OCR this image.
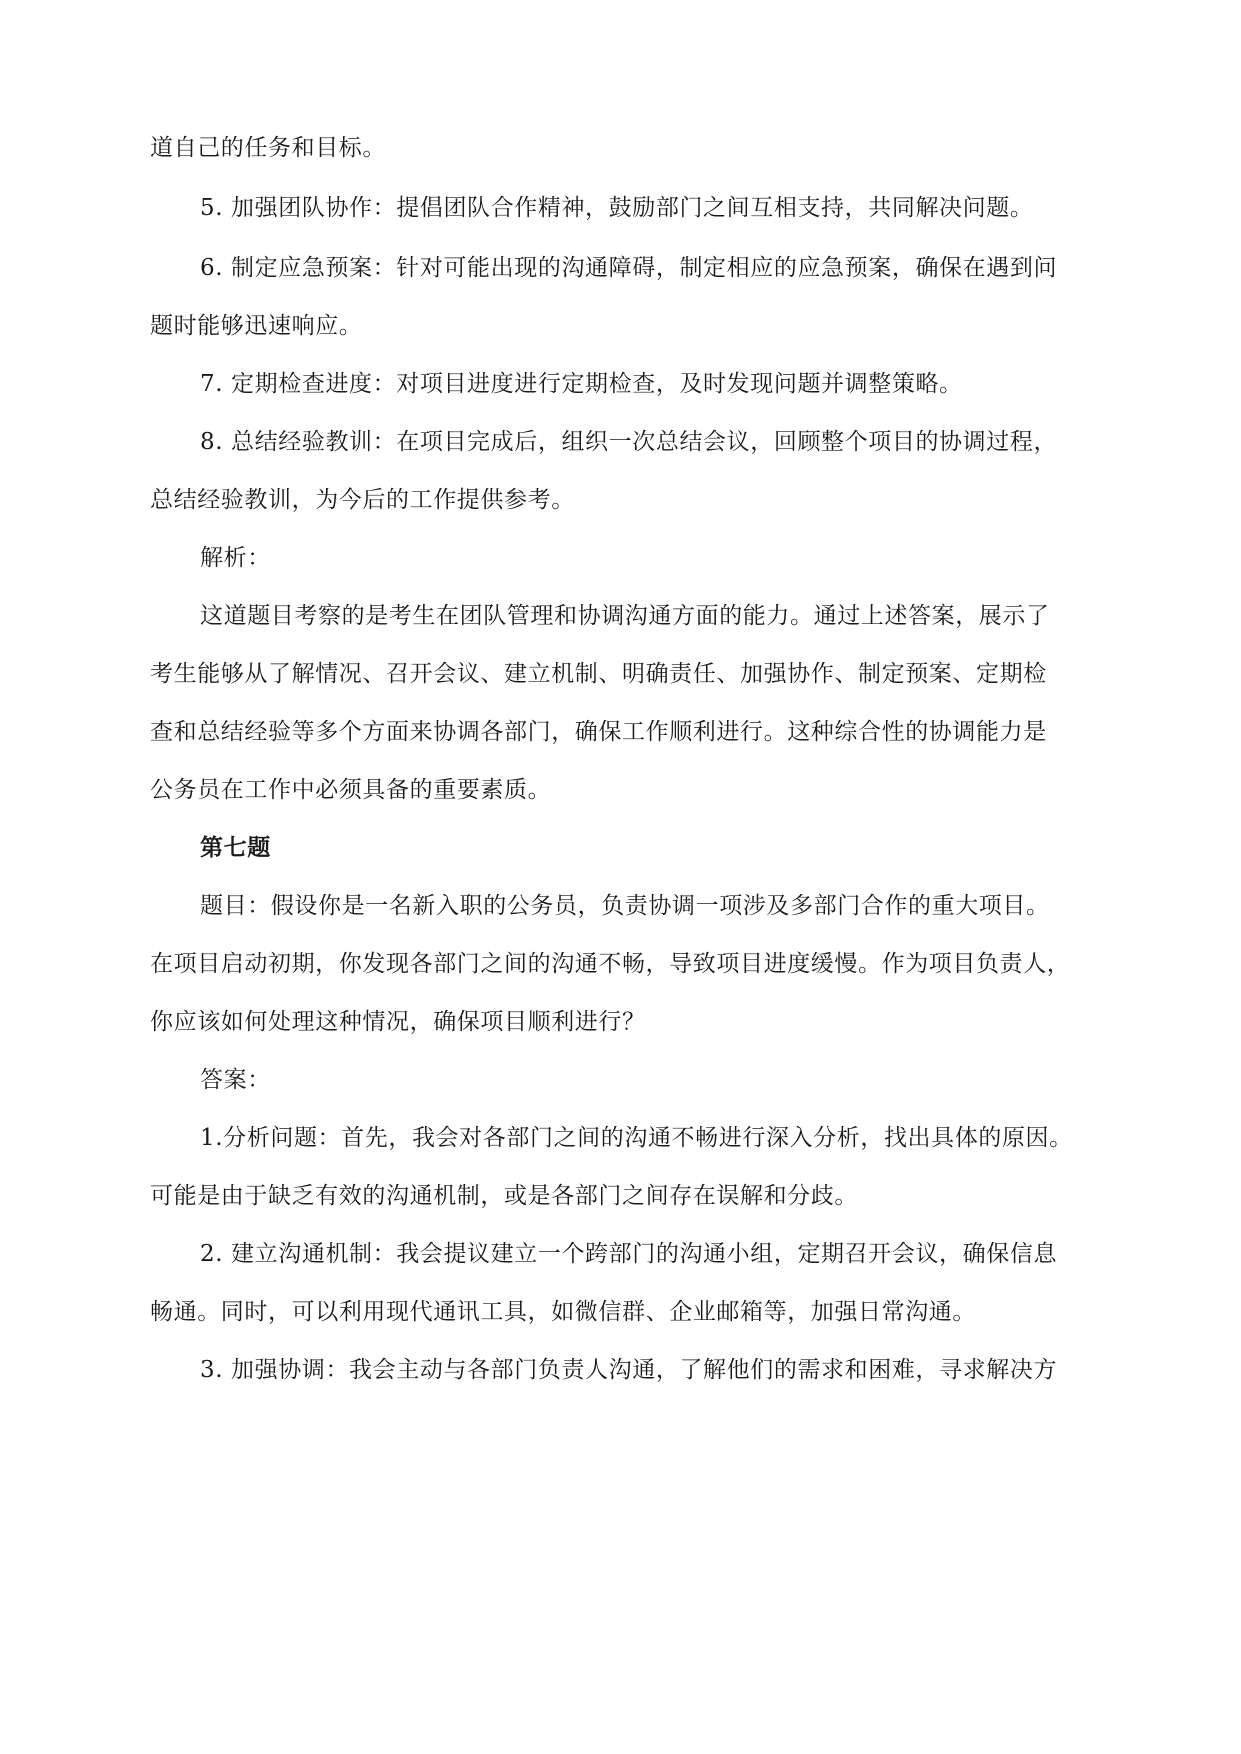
道自己的任务和目标。
5. 加强团队协作：提倡团队合作精神，鼓励部门之间互相支持，共同解决问题。
6. 制定应急预案：针对可能出现的沟通障碍，制定相应的应急预案，确保在遇到问
题时能够迅速响应。
7. 定期检查进度：对项目进度进行定期检查，及时发现问题并调整策略。
8. 总结经验教训：在项目完成后，组织一次总结会议，回顾整个项目的协调过程，
总结经验教训，为今后的工作提供参考。
解析：
这道题目考察的是考生在团队管理和协调沟通方面的能力。通过上述答案，展示了
考生能够从了解情况、召开会议、建立机制、明确责任、加强协作、制定预案、定期检
查和总结经验等多个方面来协调各部门，确保工作顺利进行。这种综合性的协调能力是
公务员在工作中必须具备的重要素质。
第七题
题目：假设你是一名新入职的公务员，负责协调一项涉及多部门合作的重大项目。
在项目启动初期，你发现各部门之间的沟通不畅，导致项目进度缓慢。作为项目负责人，
你应该如何处理这种情况，确保项目顺利进行？
答案：
1.分析问题：首先，我会对各部门之间的沟通不畅进行深入分析，找出具体的原因。
可能是由于缺乏有效的沟通机制，或是各部门之间存在误解和分歧。
2. 建立沟通机制：我会提议建立一个跨部门的沟通小组，定期召开会议，确保信息
畅通。同时，可以利用现代通讯工具，如微信群、企业邮箱等，加强日常沟通。
3. 加强协调：我会主动与各部门负责人沟通，了解他们的需求和困难，寻求解决方
